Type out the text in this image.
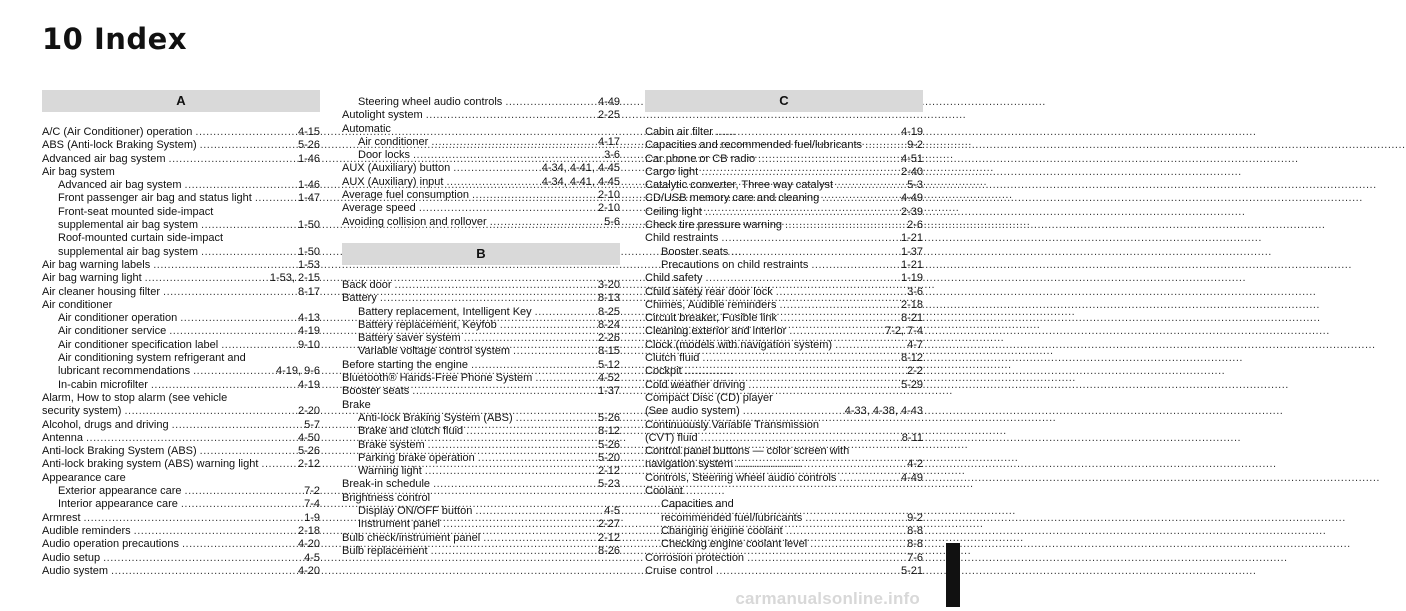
10 Index
A
A/C (Air Conditioner) operation .....	4-15
ABS (Anti-lock Braking System) .....	5-26
Advanced air bag system .....	1-46
Air bag system
Advanced air bag system .....	1-46
Front passenger air bag and status light .....	1-47
Front-seat mounted side-impact
supplemental air bag system .....	1-50
Roof-mounted curtain side-impact
supplemental air bag system .....	1-50
Air bag warning labels .....	1-53
Air bag warning light .....	1-53, 2-15
Air cleaner housing filter .....	8-17
Air conditioner
Air conditioner operation .....	4-13
Air conditioner service .....	4-19
Air conditioner specification label .....	9-10
Air conditioning system refrigerant and
lubricant recommendations .....	4-19, 9-6
In-cabin microfilter .....	4-19
Alarm, How to stop alarm (see vehicle
security system) .....	2-20
Alcohol, drugs and driving .....	5-7
Antenna .....	4-50
Anti-lock Braking System (ABS) .....	5-26
Anti-lock braking system (ABS) warning light .....	2-12
Appearance care
Exterior appearance care .....	7-2
Interior appearance care .....	7-4
Armrest .....	1-9
Audible reminders .....	2-18
Audio operation precautions .....	4-20
Audio setup .....	4-5
Audio system .....	4-20
Steering wheel audio controls .....	4-49
Autolight system .....	2-25
Automatic
Air conditioner .....	4-17
Door locks .....	3-6
AUX (Auxiliary) button .....	4-34, 4-41, 4-45
AUX (Auxiliary) input .....	4-34, 4-41, 4-45
Average fuel consumption .....	2-10
Average speed .....	2-10
Avoiding collision and rollover .....	5-6
B
Back door .....	3-20
Battery .....	8-13
Battery replacement, Intelligent Key .....	8-25
Battery replacement, Keyfob .....	8-24
Battery saver system .....	2-26
Variable voltage control system .....	8-15
Before starting the engine .....	5-12
Bluetooth® Hands-Free Phone System .....	4-52
Booster seats .....	1-37
Brake
Anti-lock Braking System (ABS) .....	5-26
Brake and clutch fluid .....	8-12
Brake system .....	5-26
Parking brake operation .....	5-20
Warning light .....	2-12
Break-in schedule .....	5-23
Brightness control
Display ON/OFF button .....	4-5
Instrument panel .....	2-27
Bulb check/instrument panel .....	2-12
Bulb replacement .....	8-26
C
Cabin air filter .....	4-19
Capacities and recommended fuel/lubricants .....	9-2
Car phone or CB radio .....	4-51
Cargo light .....	2-40
Catalytic converter, Three way catalyst .....	5-3
CD/USB memory care and cleaning .....	4-49
Ceiling light .....	2-39
Check tire pressure warning .....	2-6
Child restraints .....	1-21
Booster seats .....	1-37
Precautions on child restraints .....	1-21
Child safety .....	1-19
Child safety rear door lock .....	3-6
Chimes, Audible reminders .....	2-18
Circuit breaker, Fusible link .....	8-21
Cleaning exterior and interior .....	7-2, 7-4
Clock (models with navigation system) .....	4-7
Clutch fluid .....	8-12
Cockpit .....	2-2
Cold weather driving .....	5-29
Compact Disc (CD) player
(See audio system) .....	4-33, 4-38, 4-43
Continuously Variable Transmission
(CVT) fluid .....	8-11
Control panel buttons — color screen with
navigation system .....	4-2
Controls, Steering wheel audio controls .....	4-49
Coolant
Capacities and
recommended fuel/lubricants .....	9-2
Changing engine coolant .....	8-8
Checking engine coolant level .....	8-8
Corrosion protection .....	7-6
Cruise control .....	5-21
carmanualsonline.info
